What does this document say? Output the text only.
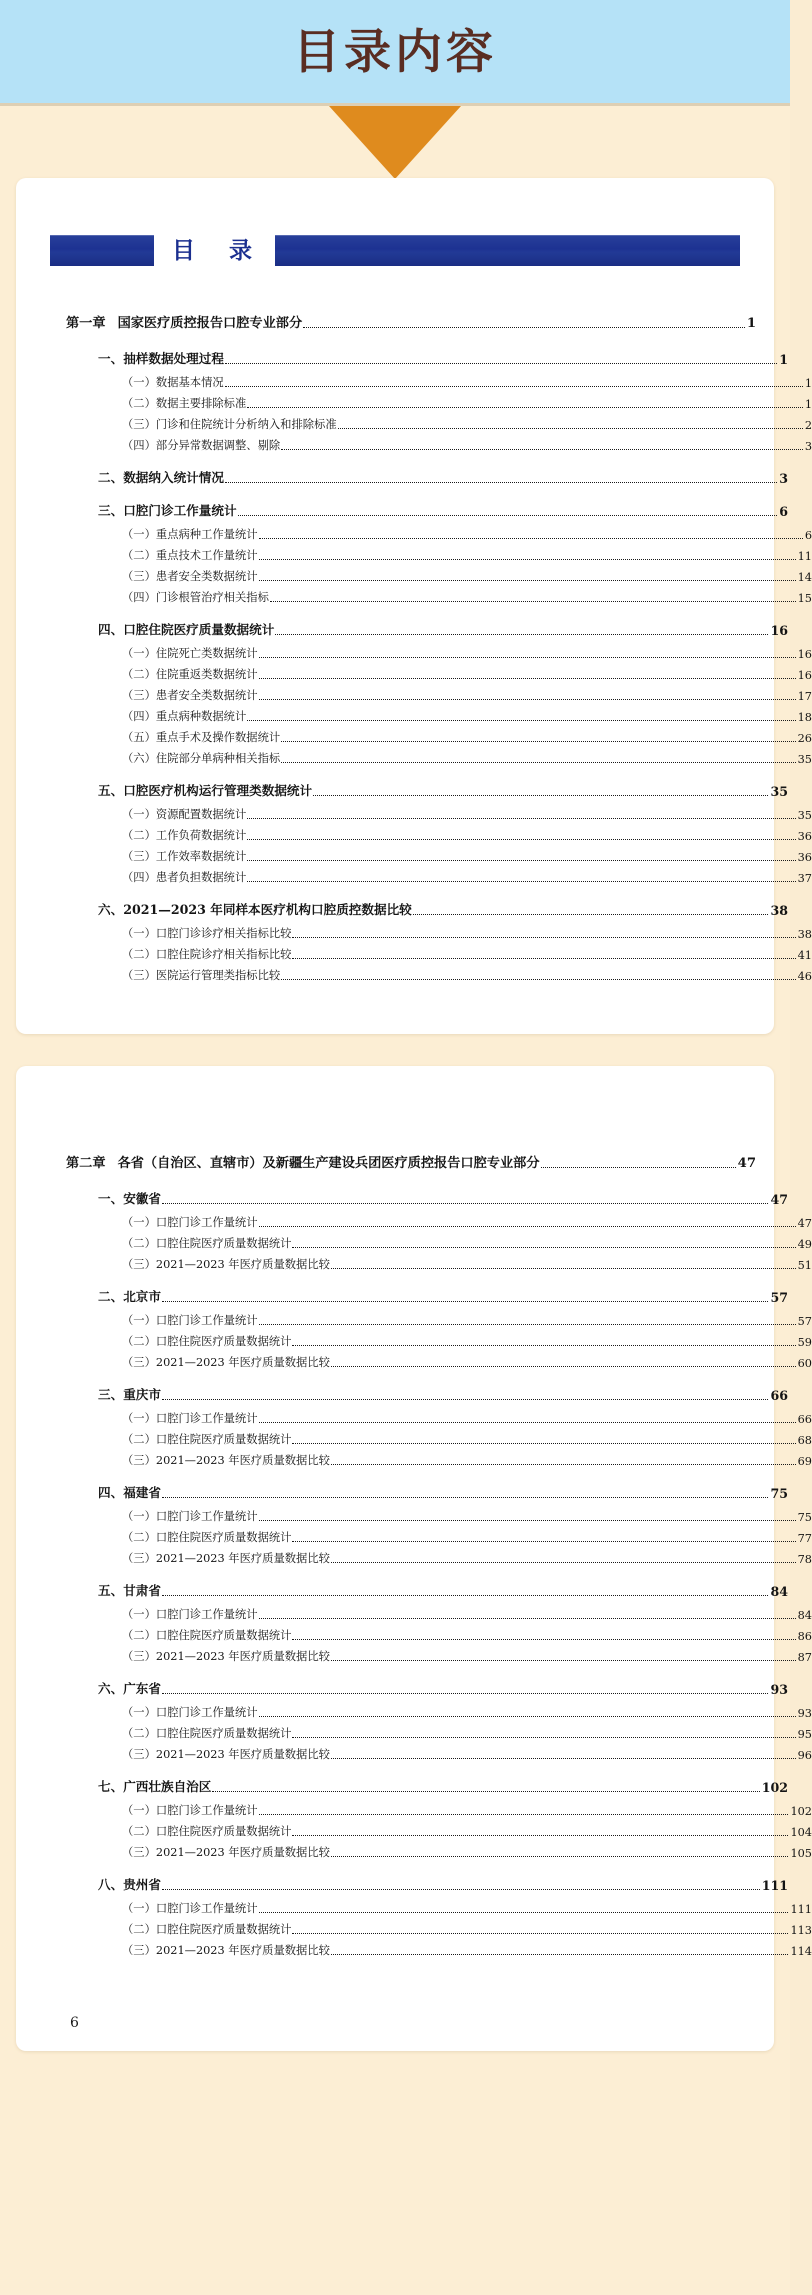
目录内容
目 录
第一章 国家医疗质控报告口腔专业部分	1
一、抽样数据处理过程	1
（一）数据基本情况	1
（二）数据主要排除标准	1
（三）门诊和住院统计分析纳入和排除标准	2
（四）部分异常数据调整、剔除	3
二、数据纳入统计情况	3
三、口腔门诊工作量统计	6
（一）重点病种工作量统计	6
（二）重点技术工作量统计	11
（三）患者安全类数据统计	14
（四）门诊根管治疗相关指标	15
四、口腔住院医疗质量数据统计	16
（一）住院死亡类数据统计	16
（二）住院重返类数据统计	16
（三）患者安全类数据统计	17
（四）重点病种数据统计	18
（五）重点手术及操作数据统计	26
（六）住院部分单病种相关指标	35
五、口腔医疗机构运行管理类数据统计	35
（一）资源配置数据统计	35
（二）工作负荷数据统计	36
（三）工作效率数据统计	36
（四）患者负担数据统计	37
六、2021—2023 年同样本医疗机构口腔质控数据比较	38
（一）口腔门诊诊疗相关指标比较	38
（二）口腔住院诊疗相关指标比较	41
（三）医院运行管理类指标比较	46
第二章 各省（自治区、直辖市）及新疆生产建设兵团医疗质控报告口腔专业部分	47
一、安徽省	47
（一）口腔门诊工作量统计	47
（二）口腔住院医疗质量数据统计	49
（三）2021—2023 年医疗质量数据比较	51
二、北京市	57
（一）口腔门诊工作量统计	57
（二）口腔住院医疗质量数据统计	59
（三）2021—2023 年医疗质量数据比较	60
三、重庆市	66
（一）口腔门诊工作量统计	66
（二）口腔住院医疗质量数据统计	68
（三）2021—2023 年医疗质量数据比较	69
四、福建省	75
（一）口腔门诊工作量统计	75
（二）口腔住院医疗质量数据统计	77
（三）2021—2023 年医疗质量数据比较	78
五、甘肃省	84
（一）口腔门诊工作量统计	84
（二）口腔住院医疗质量数据统计	86
（三）2021—2023 年医疗质量数据比较	87
六、广东省	93
（一）口腔门诊工作量统计	93
（二）口腔住院医疗质量数据统计	95
（三）2021—2023 年医疗质量数据比较	96
七、广西壮族自治区	102
（一）口腔门诊工作量统计	102
（二）口腔住院医疗质量数据统计	104
（三）2021—2023 年医疗质量数据比较	105
八、贵州省	111
（一）口腔门诊工作量统计	111
（二）口腔住院医疗质量数据统计	113
（三）2021—2023 年医疗质量数据比较	114
6
